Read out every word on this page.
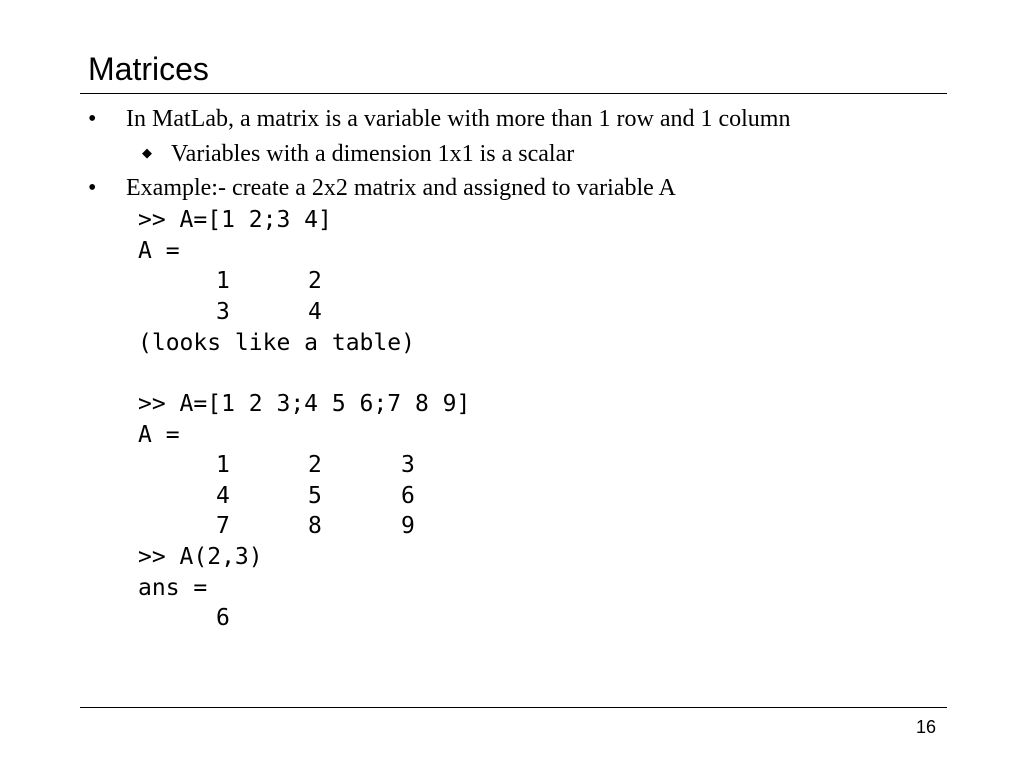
Matrices
• In MatLab, a matrix is a variable with more than 1 row and 1 column
◆ Variables with a dimension 1x1 is a scalar
• Example:- create a 2x2 matrix and assigned to variable A
>> A=[1 2;3 4]
A =
1	2
3	4
(looks like a table)
>> A=[1 2 3;4 5 6;7 8 9]
A =
1	2	3
4	5	6
7	8	9
>> A(2,3)
ans =
6
16
